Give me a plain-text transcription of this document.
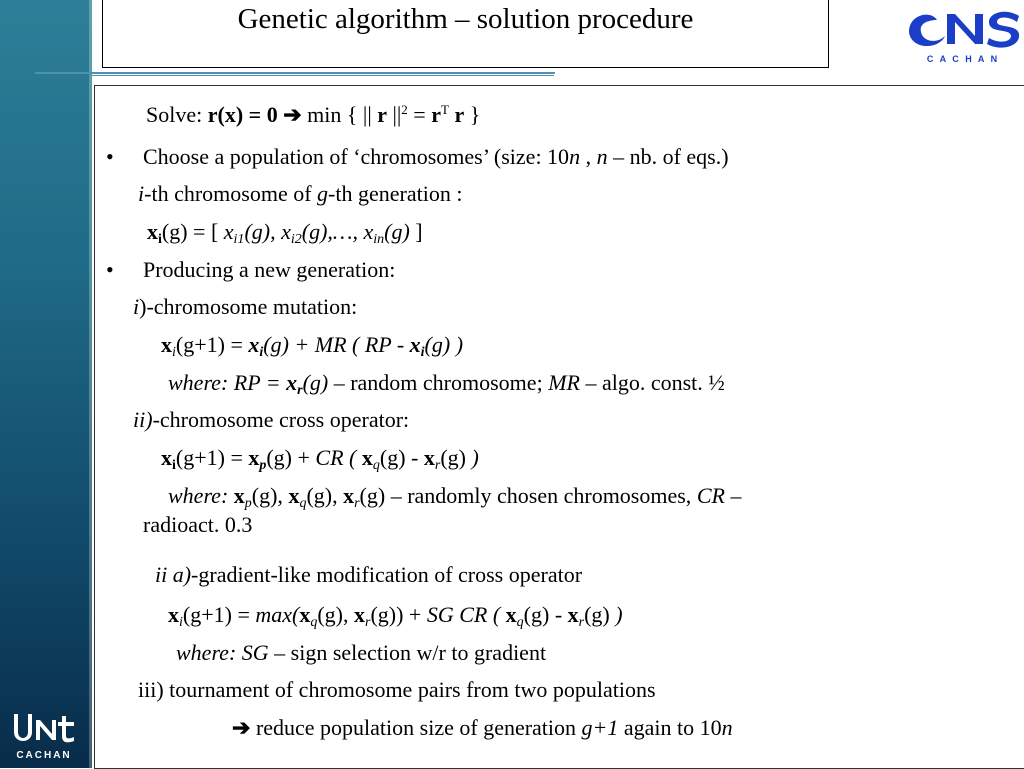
Genetic algorithm – solution procedure
C A C H A N
Solve: r(x) = 0 ➔ min { || r $||^2 = r^T$ r }
• Choose a population of ‘chromosomes’ (size: 10n , n – nb. of eqs.)
i-th chromosome of g-th generation :
$x_i(g)$ = [ $x_{i1}(g)$, $x_{i2}(g),\dots$, $x_{in}(g)$ ]
• Producing a new generation:
i)-chromosome mutation:
$x_i(g+1) = x_i(g)$ + MR ( RP - $x_i(g)$ )
where: RP = $x_r(g)$ – random chromosome; MR – algo. const. ½
ii)-chromosome cross operator:
$x_i(g+1) = x_p(g)$ + CR ( $x_q(g) - x_r(g)$ )
where: $x_p(g)$, $x_q(g)$, $x_r(g)$ – randomly chosen chromosomes, CR –
radioact. 0.3
ii a)-gradient-like modification of cross operator
$x_i(g+1) = \max(x_q(g)$, $x_r(g)$) + SG CR ( $x_q(g) - x_r(g)$ )
where: SG – sign selection w/r to gradient
iii) tournament of chromosome pairs from two populations
➔ reduce population size of generation g+1 again to 10n
CACHAN
